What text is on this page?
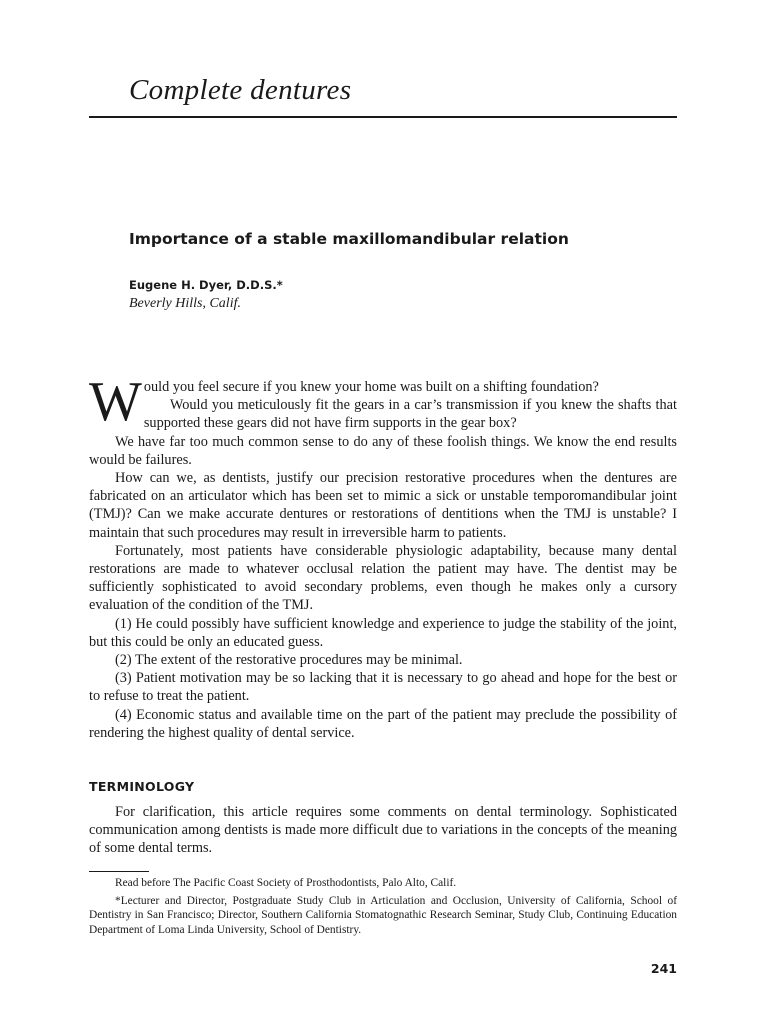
Complete dentures
Importance of a stable maxillomandibular relation
Eugene H. Dyer, D.D.S.*
Beverly Hills, Calif.

Would you feel secure if you knew your home was built on a shifting foundation?

Would you meticulously fit the gears in a car’s transmission if you knew the shafts that supported these gears did not have firm supports in the gear box?

We have far too much common sense to do any of these foolish things. We know the end results would be failures.

How can we, as dentists, justify our precision restorative procedures when the dentures are fabricated on an articulator which has been set to mimic a sick or unstable temporomandibular joint (TMJ)? Can we make accurate dentures or restorations of dentitions when the TMJ is unstable? I maintain that such procedures may result in irreversible harm to patients.

Fortunately, most patients have considerable physiologic adaptability, because many dental restorations are made to whatever occlusal relation the patient may have. The dentist may be sufficiently sophisticated to avoid secondary problems, even though he makes only a cursory evaluation of the condition of the TMJ.

(1) He could possibly have sufficient knowledge and experience to judge the stability of the joint, but this could be only an educated guess.

(2) The extent of the restorative procedures may be minimal.

(3) Patient motivation may be so lacking that it is necessary to go ahead and hope for the best or to refuse to treat the patient.

(4) Economic status and available time on the part of the patient may preclude the possibility of rendering the highest quality of dental service.

TERMINOLOGY

For clarification, this article requires some comments on dental terminology. Sophisticated communication among dentists is made more difficult due to variations in the concepts of the meaning of some dental terms.

Read before The Pacific Coast Society of Prosthodontists, Palo Alto, Calif.

*Lecturer and Director, Postgraduate Study Club in Articulation and Occlusion, University of California, School of Dentistry in San Francisco; Director, Southern California Stomatognathic Research Seminar, Study Club, Continuing Education Department of Loma Linda University, School of Dentistry.

241
